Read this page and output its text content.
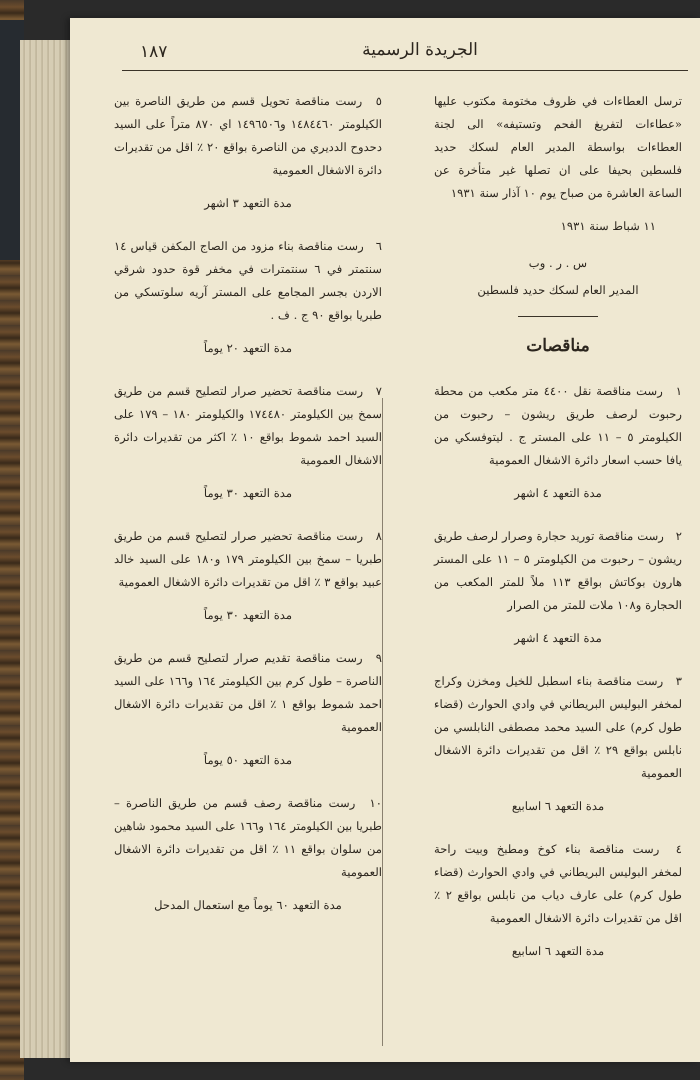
١٨٧	الجريدة الرسمية

ترسل العطاءات في ظروف مختومة مكتوب عليها «عطاءات لتفريغ الفحم وتستيفه» الى لجنة العطاءات بواسطة المدير العام لسكك حديد فلسطين بحيفا على ان تصلها غير متأخرة عن الساعة العاشرة من صباح يوم ١٠ آذار سنة ١٩٣١

١١ شباط سنة ١٩٣١

س . ر . وب

المدير العام لسكك حديد فلسطين

مناقصات
١ رست مناقصة نقل ٤٤٠٠ متر مكعب من محطة رحبوت لرصف طريق ريشون – رحبوت من الكيلومتر ٥ – ١١ على المستر ج . ليتوفسكي من يافا حسب اسعار دائرة الاشغال العمومية
مدة التعهد ٤ اشهر
٢ رست مناقصة توريد حجارة وصرار لرصف طريق ريشون – رحبوت من الكيلومتر ٥ – ١١ على المستر هارون بوكاتش بواقع ١١٣ ملاً للمتر المكعب من الحجارة و١٠٨ ملات للمتر من الصرار
مدة التعهد ٤ اشهر
٣ رست مناقصة بناء اسطبل للخيل ومخزن وكراج لمخفر البوليس البريطاني في وادي الحوارث (قضاء طول كرم) على السيد محمد مصطفى النابلسي من نابلس بواقع ٢٩ ٪ اقل من تقديرات دائرة الاشغال العمومية
مدة التعهد ٦ اسابيع
٤ رست مناقصة بناء كوخ ومطبخ وبيت راحة لمخفر البوليس البريطاني في وادي الحوارث (قضاء طول كرم) على عارف دياب من نابلس بواقع ٢ ٪ اقل من تقديرات دائرة الاشغال العمومية
مدة التعهد ٦ اسابيع
٥ رست مناقصة تحويل قسم من طريق الناصرة بين الكيلومتر ١٤٨٤٤٦٠ و١٤٩٦٥٠٦ اي ٨٧٠ متراً على السيد دحدوح الدديري من الناصرة بواقع ٢٠ ٪ اقل من تقديرات دائرة الاشغال العمومية
مدة التعهد ٣ اشهر
٦ رست مناقصة بناء مزود من الصاج المكفن قياس ١٤ سنتمتر في ٦ سنتمترات في مخفر قوة حدود شرقي الاردن بجسر المجامع على المستر آريه سلوتسكي من طبريا بواقع ٩٠ ج . ف .
مدة التعهد ٢٠ يوماً
٧ رست مناقصة تحضير صرار لتصليح قسم من طريق سمخ بين الكيلومتر ١٧٤٤٨٠ والكيلومتر ١٨٠ – ١٧٩ على السيد احمد شموط بواقع ١٠ ٪ اكثر من تقديرات دائرة الاشغال العمومية
مدة التعهد ٣٠ يوماً
٨ رست مناقصة تحضير صرار لتصليح قسم من طريق طبريا – سمخ بين الكيلومتر ١٧٩ و١٨٠ على السيد خالد عبيد بواقع ٣ ٪ اقل من تقديرات دائرة الاشغال العمومية
مدة التعهد ٣٠ يوماً
٩ رست مناقصة تقديم صرار لتصليح قسم من طريق الناصرة – طول كرم بين الكيلومتر ١٦٤ و١٦٦ على السيد احمد شموط بواقع ١ ٪ اقل من تقديرات دائرة الاشغال العمومية
مدة التعهد ٥٠ يوماً
١٠ رست مناقصة رصف قسم من طريق الناصرة – طبريا بين الكيلومتر ١٦٤ و١٦٦ على السيد محمود شاهين من سلوان بواقع ١١ ٪ اقل من تقديرات دائرة الاشغال العمومية
مدة التعهد ٦٠ يوماً مع استعمال المدحل
